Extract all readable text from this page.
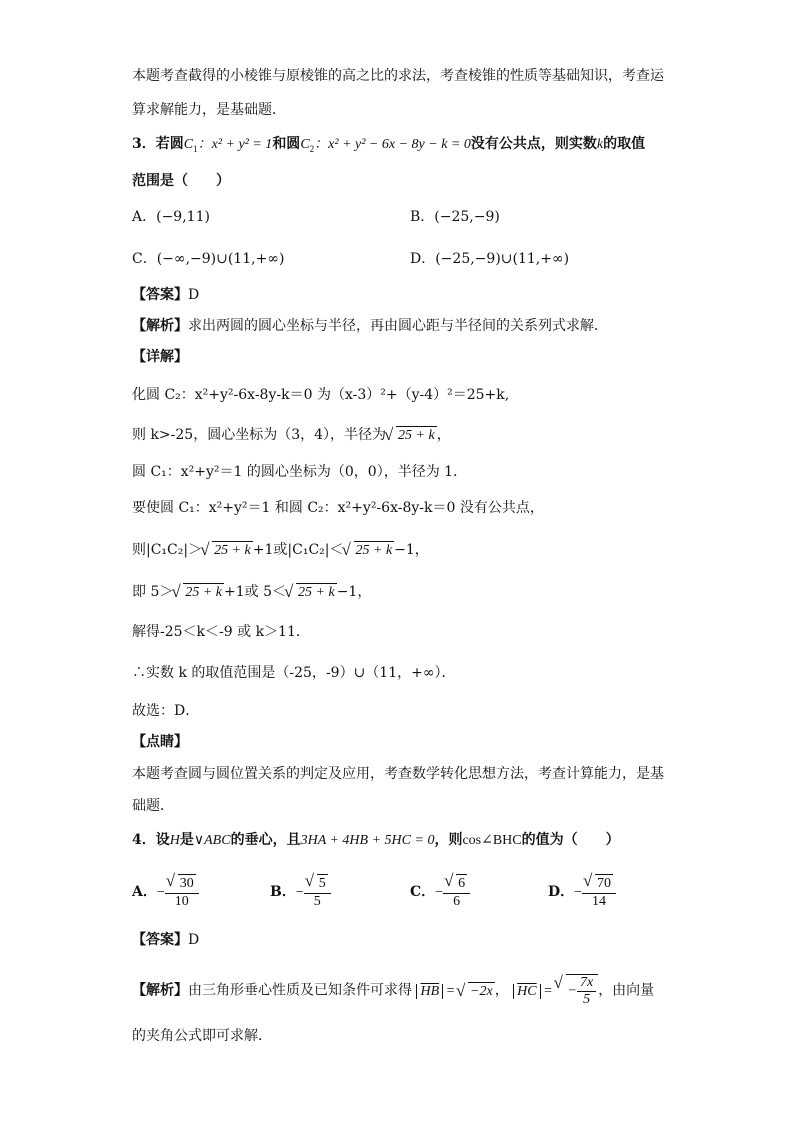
本题考查截得的小棱锥与原棱锥的高之比的求法，考查棱锥的性质等基础知识，考查运
算求解能力，是基础题．
3．若圆$C_1$：x² + y² = 1和圆$C_2$：x² + y² − 6x − 8y − k = 0没有公共点，则实数k的取值
范围是（　　）
A．(−9,11)	B．(−25,−9)
C．(−∞,−9)∪(11,+∞)	D．(−25,−9)∪(11,+∞)
【答案】D
【解析】求出两圆的圆心坐标与半径，再由圆心距与半径间的关系列式求解．
【详解】
化圆 C₂：x²+y²-6x-8y-k＝0 为（x-3）²+（y-4）²＝25+k,
则 k>-25，圆心坐标为（3，4），半径为 √ 25 + k ，
圆 C₁：x²+y²＝1 的圆心坐标为（0，0），半径为 1．
要使圆 C₁：x²+y²＝1 和圆 C₂：x²+y²-6x-8y-k＝0 没有公共点，
则|C₁C₂|＞ √ 25 + k +1或|C₁C₂|＜ √ 25 + k −1，
即 5＞ √ 25 + k +1或 5＜ √ 25 + k −1，
解得-25＜k＜-9 或 k＞11．
∴实数 k 的取值范围是（-25，-9）∪（11，+∞）．
故选：D．
【点睛】
本题考查圆与圆位置关系的判定及应用，考查数学转化思想方法，考查计算能力，是基
础题．
4．设H是∨ABC的垂心，且3HA + 4HB + 5HC = 0，则cos∠BHC的值为（　　）
A．− √ $\frac{30}{10}$	B．− √ $\frac{5}{5}$	C．− √ $\frac{6}{6}$	D．− √ $\frac{70}{14}$
【答案】D
【解析】由三角形垂心性质及已知条件可求得 $\overline{HB}$ = √ −2x ， $\overline{HC}$ = √ − $\frac{7x}{5}$ ，由向量
的夹角公式即可求解．
